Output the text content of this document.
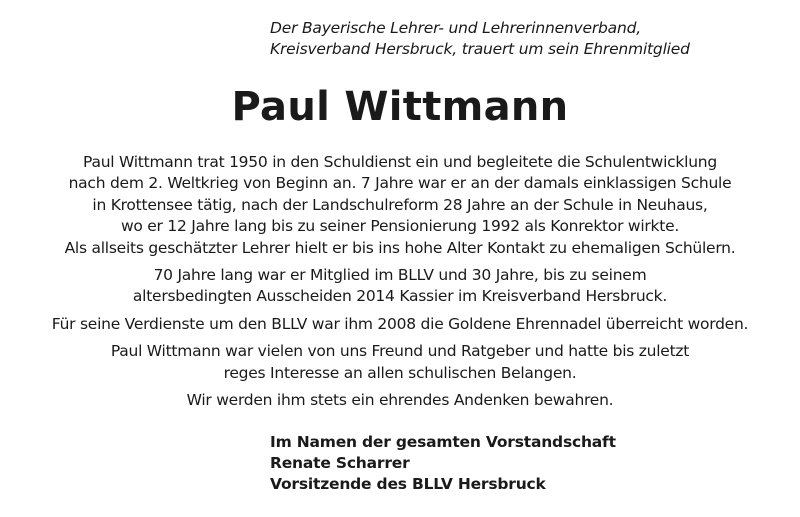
Der Bayerische Lehrer- und Lehrerinnenverband,
Kreisverband Hersbruck, trauert um sein Ehrenmitglied
Paul Wittmann

Paul Wittmann trat 1950 in den Schuldienst ein und begleitete die Schulentwicklung
nach dem 2. Weltkrieg von Beginn an. 7 Jahre war er an der damals einklassigen Schule
in Krottensee tätig, nach der Landschulreform 28 Jahre an der Schule in Neuhaus,
wo er 12 Jahre lang bis zu seiner Pensionierung 1992 als Konrektor wirkte.
Als allseits geschätzter Lehrer hielt er bis ins hohe Alter Kontakt zu ehemaligen Schülern.

70 Jahre lang war er Mitglied im BLLV und 30 Jahre, bis zu seinem
altersbedingten Ausscheiden 2014 Kassier im Kreisverband Hersbruck.

Für seine Verdienste um den BLLV war ihm 2008 die Goldene Ehrennadel überreicht worden.

Paul Wittmann war vielen von uns Freund und Ratgeber und hatte bis zuletzt
reges Interesse an allen schulischen Belangen.

Wir werden ihm stets ein ehrendes Andenken bewahren.

Im Namen der gesamten Vorstandschaft
Renate Scharrer
Vorsitzende des BLLV Hersbruck
